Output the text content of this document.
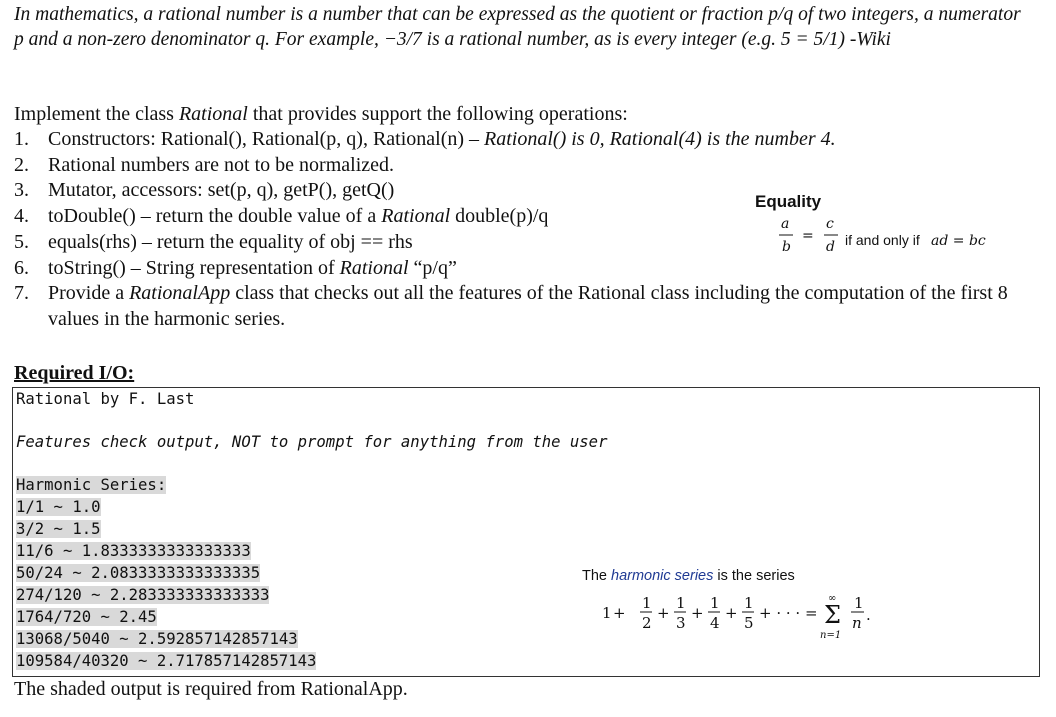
In mathematics, a rational number is a number that can be expressed as the quotient or fraction p/q of two integers, a numerator p and a non-zero denominator q. For example, −3/7 is a rational number, as is every integer (e.g. 5 = 5/1) -Wiki

Implement the class Rational that provides support the following operations:

1. Constructors: Rational(), Rational(p, q), Rational(n) – Rational() is 0, Rational(4) is the number 4.
2. Rational numbers are not to be normalized.
3. Mutator, accessors: set(p, q), getP(), getQ()
4. toDouble() – return the double value of a Rational double(p)/q
5. equals(rhs) – return the equality of obj == rhs
6. toString() – String representation of Rational “p/q”
7. Provide a RationalApp class that checks out all the features of the Rational class including the computation of the first 8 values in the harmonic series.
Equality
a
b
=
c
d if and only if ad = bc
Required I/O:
Rational by F. Last
Features check output, NOT to prompt for anything from the user
Harmonic Series:
1/1 ~ 1.0
3/2 ~ 1.5
11/6 ~ 1.8333333333333333
50/24 ~ 2.0833333333333335
274/120 ~ 2.283333333333333
1764/720 ~ 2.45
13068/5040 ~ 2.592857142857143
109584/40320 ~ 2.717857142857143
The harmonic series is the series
1 +
1
2
+
1
3
+
1
4
+
1
5
+ · · · =
∞
Σ
n=1
1
n .
The shaded output is required from RationalApp.
